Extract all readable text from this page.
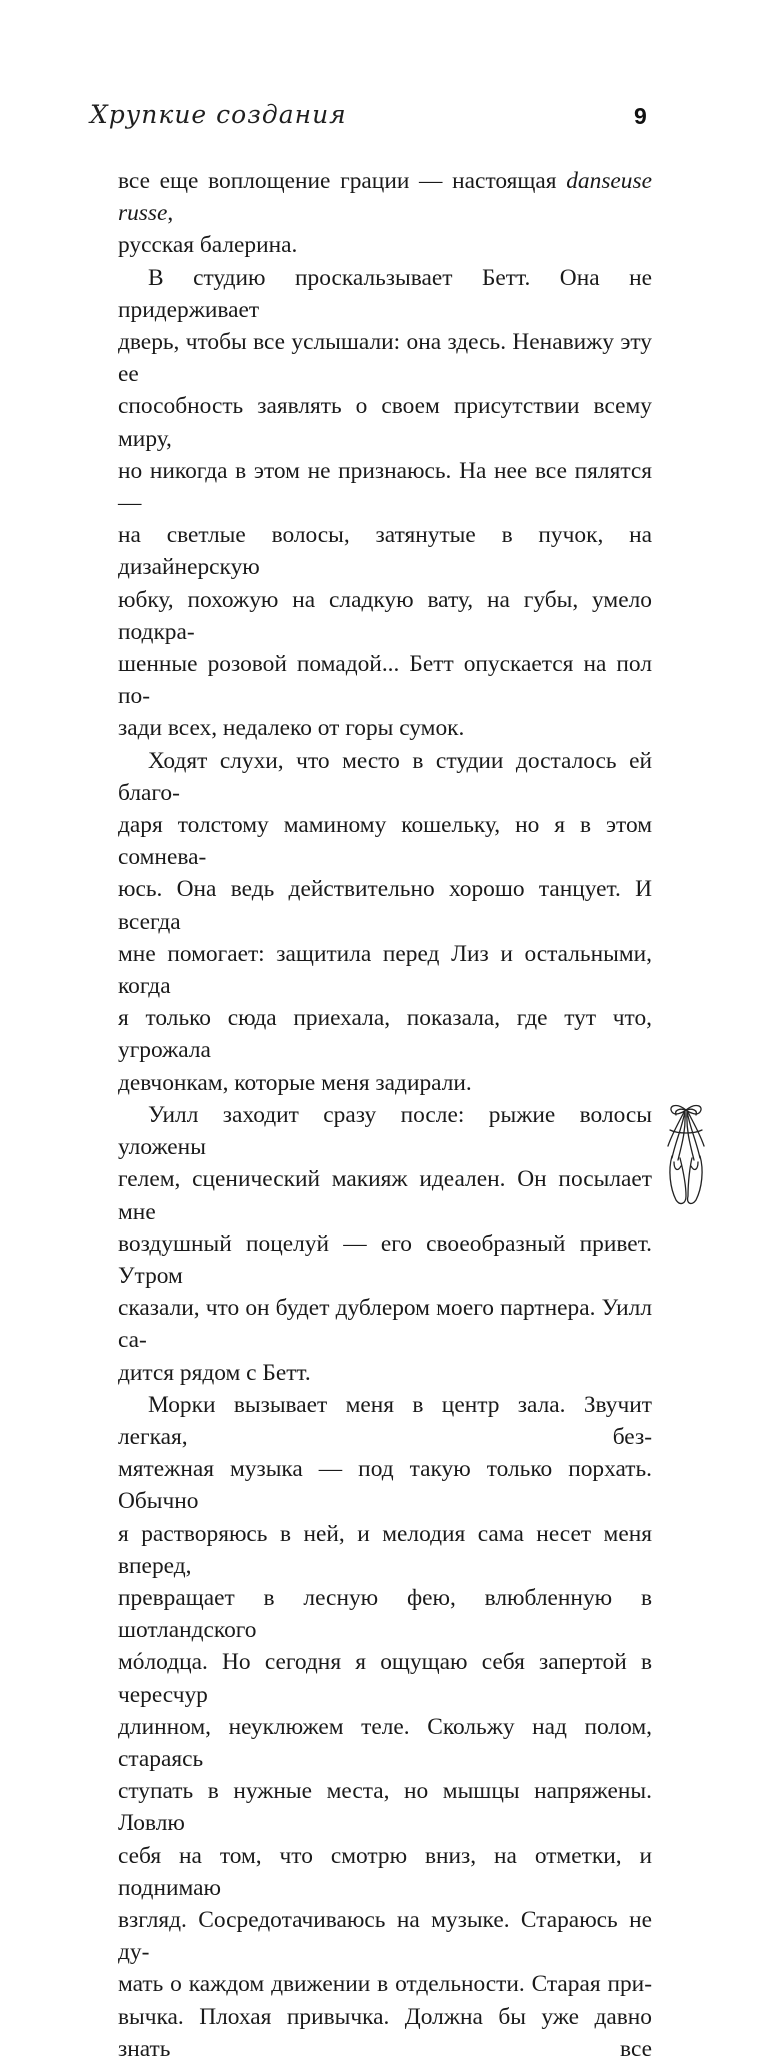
Хрупкие создания	9

все еще воплощение грации — настоящая danseuse russe,
русская балерина.

В студию проскальзывает Бетт. Она не придерживает
дверь, чтобы все услышали: она здесь. Ненавижу эту ее
способность заявлять о своем присутствии всему миру,
но никогда в этом не признаюсь. На нее все пялятся —
на светлые волосы, затянутые в пучок, на дизайнерскую
юбку, похожую на сладкую вату, на губы, умело подкра-
шенные розовой помадой... Бетт опускается на пол по-
зади всех, недалеко от горы сумок.

Ходят слухи, что место в студии досталось ей благо-
даря толстому маминому кошельку, но я в этом сомнева-
юсь. Она ведь действительно хорошо танцует. И всегда
мне помогает: защитила перед Лиз и остальными, когда
я только сюда приехала, показала, где тут что, угрожала
девчонкам, которые меня задирали.

Уилл заходит сразу после: рыжие волосы уложены
гелем, сценический макияж идеален. Он посылает мне
воздушный поцелуй — его своеобразный привет. Утром
сказали, что он будет дублером моего партнера. Уилл са-
дится рядом с Бетт.

Морки вызывает меня в центр зала. Звучит легкая, без-
мятежная музыка — под такую только порхать. Обычно
я растворяюсь в ней, и мелодия сама несет меня вперед,
превращает в лесную фею, влюбленную в шотландского
мóлодца. Но сегодня я ощущаю себя запертой в чересчур
длинном, неуклюжем теле. Скольжу над полом, стараясь
ступать в нужные места, но мышцы напряжены. Ловлю
себя на том, что смотрю вниз, на отметки, и поднимаю
взгляд. Сосредотачиваюсь на музыке. Стараюсь не ду-
мать о каждом движении в отдельности. Старая при-
вычка. Плохая привычка. Должна бы уже давно знать все
